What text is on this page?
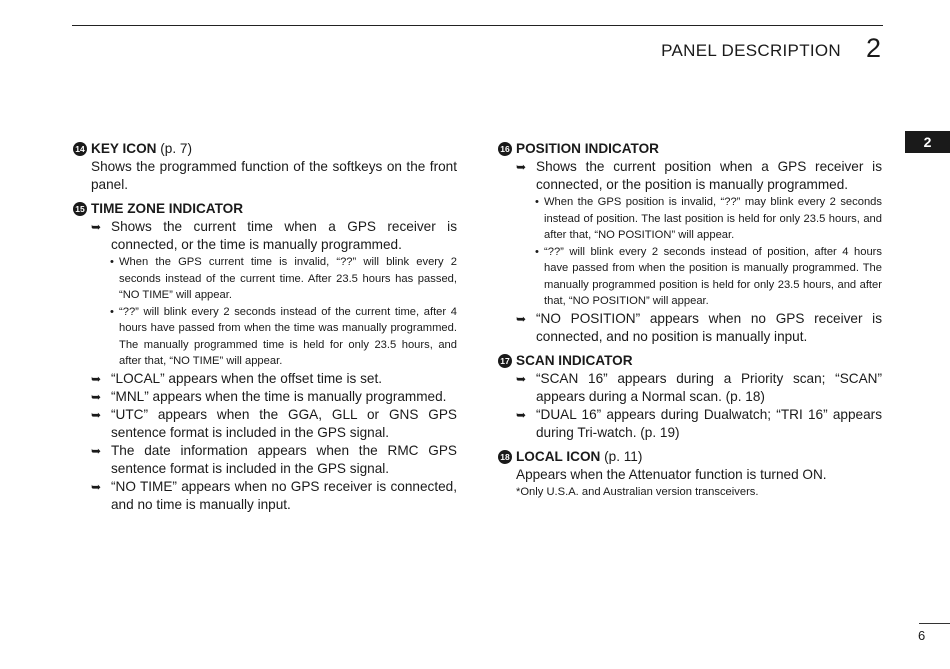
PANEL DESCRIPTION 2
2
14 KEY ICON (p. 7)
Shows the programmed function of the softkeys on the front panel.
15 TIME ZONE INDICATOR
➥ Shows the current time when a GPS receiver is connected, or the time is manually programmed.
• When the GPS current time is invalid, “??” will blink every 2 seconds instead of the current time. After 23.5 hours has passed, “NO TIME” will appear.
• “??” will blink every 2 seconds instead of the current time, after 4 hours have passed from when the time was manually programmed. The manually programmed time is held for only 23.5 hours, and after that, “NO TIME” will appear.
➥ “LOCAL” appears when the offset time is set.
➥ “MNL” appears when the time is manually programmed.
➥ “UTC” appears when the GGA, GLL or GNS GPS sentence format is included in the GPS signal.
➥ The date information appears when the RMC GPS sentence format is included in the GPS signal.
➥ “NO TIME” appears when no GPS receiver is connected, and no time is manually input.
16 POSITION INDICATOR
➥ Shows the current position when a GPS receiver is connected, or the position is manually programmed.
• When the GPS position is invalid, “??” may blink every 2 seconds instead of position. The last position is held for only 23.5 hours, and after that, “NO POSITION” will appear.
• “??” will blink every 2 seconds instead of position, after 4 hours have passed from when the position is manually programmed. The manually programmed position is held for only 23.5 hours, and after that, “NO POSITION” will appear.
➥ “NO POSITION” appears when no GPS receiver is connected, and no position is manually input.
17 SCAN INDICATOR
➥ “SCAN 16” appears during a Priority scan; “SCAN” appears during a Normal scan. (p. 18)
➥ “DUAL 16” appears during Dualwatch; “TRI 16” appears during Tri-watch. (p. 19)
18 LOCAL ICON (p. 11)
Appears when the Attenuator function is turned ON.
*Only U.S.A. and Australian version transceivers.
6
